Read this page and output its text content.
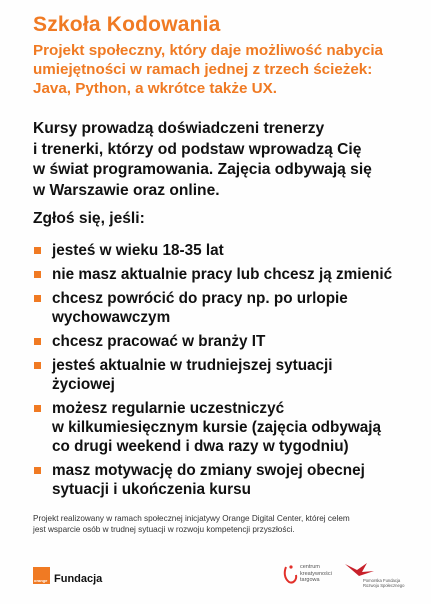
Szkoła Kodowania
Projekt społeczny, który daje możliwość nabycia
umiejętności w ramach jednej z trzech ścieżek:
Java, Python, a wkrótce także UX.
Kursy prowadzą doświadczeni trenerzy
i trenerki, którzy od podstaw wprowadzą Cię
w świat programowania. Zajęcia odbywają się
w Warszawie oraz online.
Zgłoś się, jeśli:
jesteś w wieku 18-35 lat
nie masz aktualnie pracy lub chcesz ją zmienić
chcesz powrócić do pracy np. po urlopie
wychowawczym
chcesz pracować w branży IT
jesteś aktualnie w trudniejszej sytuacji
życiowej
możesz regularnie uczestniczyć
w kilkumiesięcznym kursie (zajęcia odbywają
co drugi weekend i dwa razy w tygodniu)
masz motywację do zmiany swojej obecnej
sytuacji i ukończenia kursu
Projekt realizowany w ramach społecznej inicjatywy Orange Digital Center, której celem
jest wsparcie osób w trudnej sytuacji w rozwoju kompetencji przyszłości.
orange Fundacja
centrum
kreatywności
targowa	Pomorska Fundacja
Rozwoju Społecznego
